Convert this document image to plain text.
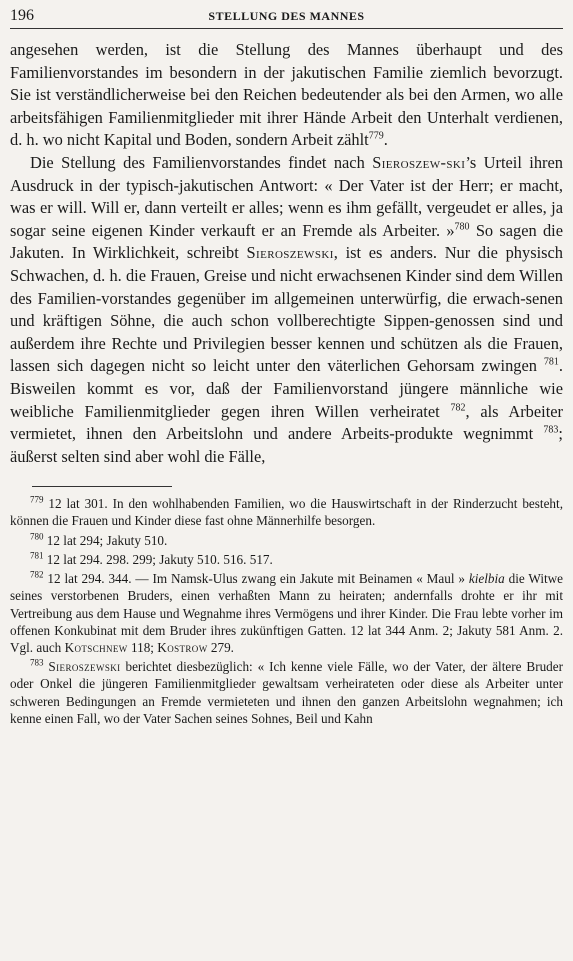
196	STELLUNG DES MANNES

angesehen werden, ist die Stellung des Mannes überhaupt und des Familienvorstandes im besondern in der jakutischen Familie ziemlich bevorzugt. Sie ist verständlicherweise bei den Reichen bedeutender als bei den Armen, wo alle arbeitsfähigen Familienmitglieder mit ihrer Hände Arbeit den Unterhalt verdienen, d. h. wo nicht Kapital und Boden, sondern Arbeit zählt$^{779}$.

Die Stellung des Familienvorstandes findet nach Sieroszew-ski’s Urteil ihren Ausdruck in der typisch-jakutischen Antwort: « Der Vater ist der Herr; er macht, was er will. Will er, dann verteilt er alles; wenn es ihm gefällt, vergeudet er alles, ja sogar seine eigenen Kinder verkauft er an Fremde als Arbeiter. »$^{780}$ So sagen die Jakuten. In Wirklichkeit, schreibt Sieroszewski, ist es anders. Nur die physisch Schwachen, d. h. die Frauen, Greise und nicht erwachsenen Kinder sind dem Willen des Familien-vorstandes gegenüber im allgemeinen unterwürfig, die erwach-senen und kräftigen Söhne, die auch schon vollberechtigte Sippen-genossen sind und außerdem ihre Rechte und Privilegien besser kennen und schützen als die Frauen, lassen sich dagegen nicht so leicht unter den väterlichen Gehorsam zwingen $^{781}$. Bisweilen kommt es vor, daß der Familienvorstand jüngere männliche wie weibliche Familienmitglieder gegen ihren Willen verheiratet $^{782}$, als Arbeiter vermietet, ihnen den Arbeitslohn und andere Arbeits-produkte wegnimmt $^{783}$; äußerst selten sind aber wohl die Fälle,

$^{779}$ 12 lat 301. In den wohlhabenden Familien, wo die Hauswirtschaft in der Rinderzucht besteht, können die Frauen und Kinder diese fast ohne Männerhilfe besorgen.

$^{780}$ 12 lat 294; Jakuty 510.

$^{781}$ 12 lat 294. 298. 299; Jakuty 510. 516. 517.

$^{782}$ 12 lat 294. 344. — Im Namsk-Ulus zwang ein Jakute mit Beinamen « Maul » kielbia die Witwe seines verstorbenen Bruders, einen verhaßten Mann zu heiraten; andernfalls drohte er ihr mit Vertreibung aus dem Hause und Wegnahme ihres Vermögens und ihrer Kinder. Die Frau lebte vorher im offenen Konkubinat mit dem Bruder ihres zukünftigen Gatten. 12 lat 344 Anm. 2; Jakuty 581 Anm. 2. Vgl. auch Kotschnew 118; Kostrow 279.

$^{783}$ Sieroszewski berichtet diesbezüglich: « Ich kenne viele Fälle, wo der Vater, der ältere Bruder oder Onkel die jüngeren Familienmitglieder gewaltsam verheirateten oder diese als Arbeiter unter schweren Bedingungen an Fremde vermieteten und ihnen den ganzen Arbeitslohn wegnahmen; ich kenne einen Fall, wo der Vater Sachen seines Sohnes, Beil und Kahn
